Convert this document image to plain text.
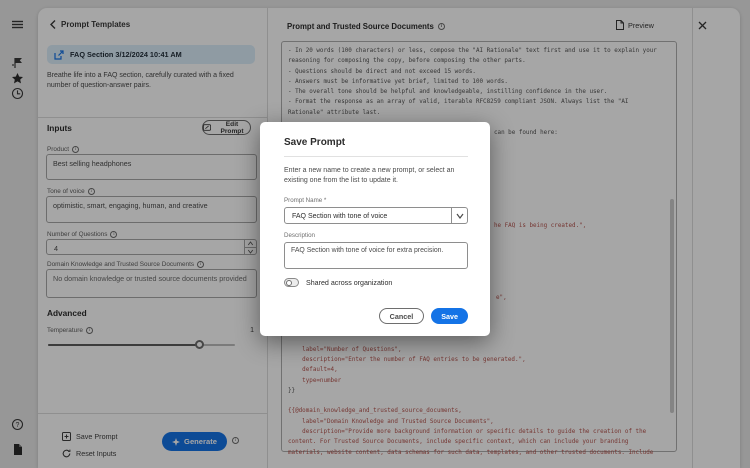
?
Prompt Templates
FAQ Section 3/12/2024 10:41 AM
Breathe life into a FAQ section, carefully curated with a fixed number of question-answer pairs.
Inputs	Edit Prompt
Product
i
Best selling headphones
Tone of voice
i
optimistic, smart, engaging, human, and creative
Number of Questions
i
4
Domain Knowledge and Trusted Source Documents
i
No domain knowledge or trusted source documents provided
Advanced
Temperature i	1
Save Prompt
Reset Inputs
Generate
i
Prompt and Trusted Source Documents i	Preview
- In 20 words (100 characters) or less, compose the "AI Rationale" text first and use it to explain your
reasoning for composing the copy, before composing the other parts.
- Questions should be direct and not exceed 15 words.
- Answers must be informative yet brief, limited to 100 words.
- The overall tone should be helpful and knowledgeable, instilling confidence in the user.
- Format the response as an array of valid, iterable RFC8259 compliant JSON. Always list the "AI
Rationale" attribute last.
can be found here:
he FAQ is being created.",
e",
label="Number of Questions",
description="Enter the number of FAQ entries to be generated.",
default=4,
type=number
}}
{{@domain_knowledge_and_trusted_source_documents,
label="Domain Knowledge and Trusted Source Documents",
description="Provide more background information or specific details to guide the creation of the
content. For Trusted Source Documents, include specific context, which can include your branding
materials, website content, data schemas for such data, templates, and other trusted documents. Include
Save Prompt
Enter a new name to create a new prompt, or select an existing one from the list to update it.
Prompt Name *
FAQ Section with tone of voice
Description
FAQ Section with tone of voice for extra precision.
Shared across organization
Cancel	Save
